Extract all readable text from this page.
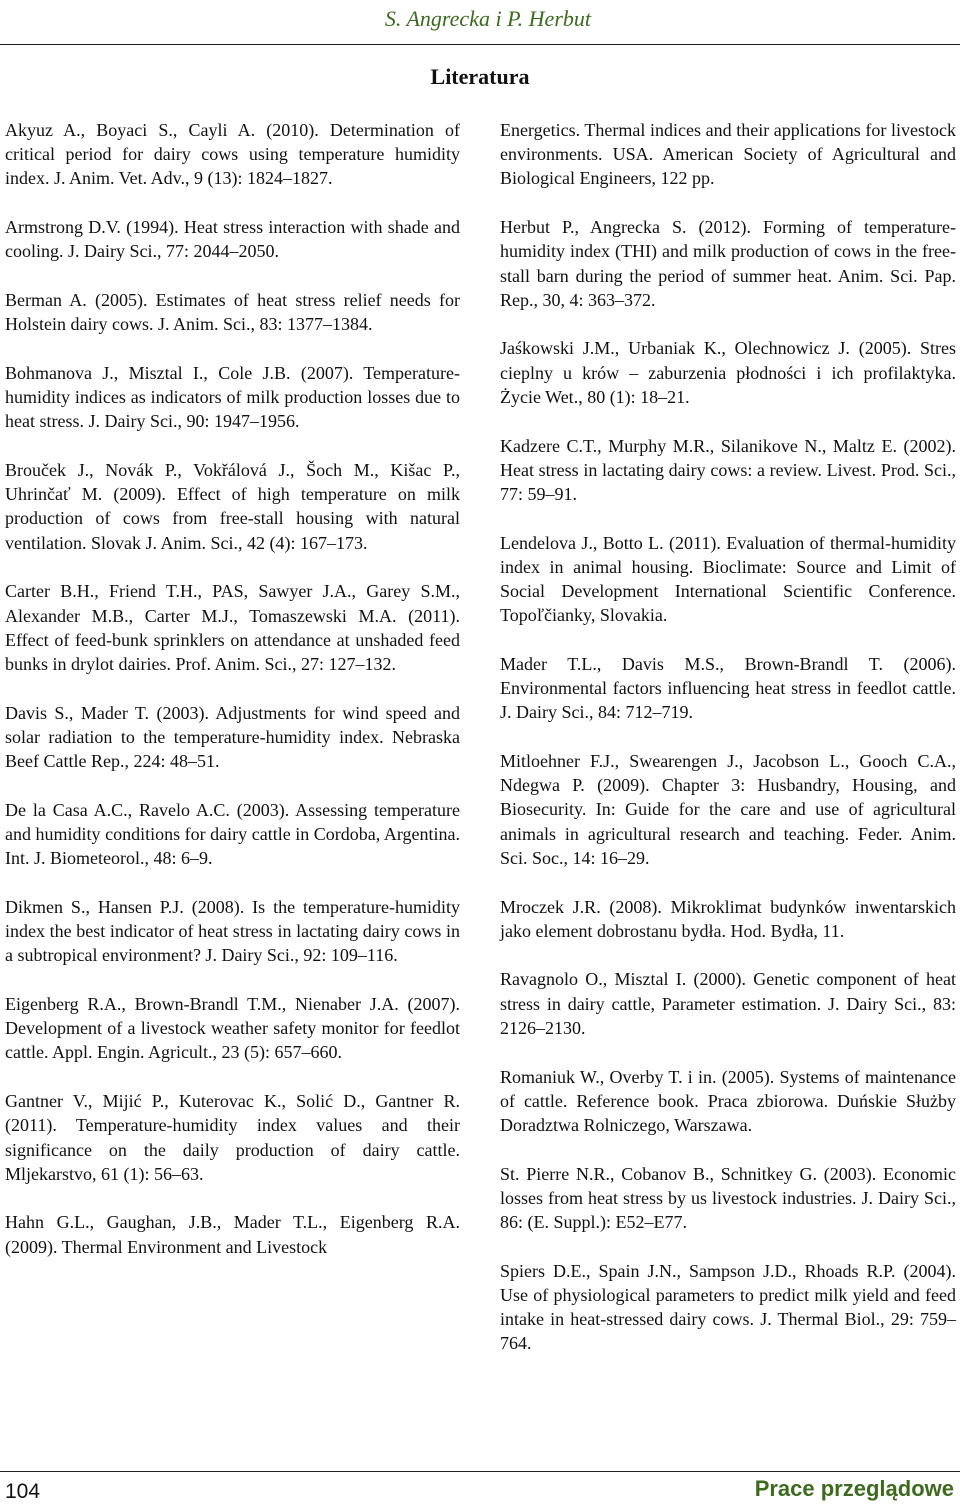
S. Angrecka i P. Herbut
Literatura

Akyuz A., Boyaci S., Cayli A. (2010). Determination of critical period for dairy cows using temperature humidity index. J. Anim. Vet. Adv., 9 (13): 1824–1827.

Armstrong D.V. (1994). Heat stress interaction with shade and cooling. J. Dairy Sci., 77: 2044–2050.

Berman A. (2005). Estimates of heat stress relief needs for Holstein dairy cows. J. Anim. Sci., 83: 1377–1384.

Bohmanova J., Misztal I., Cole J.B. (2007). Temperature-humidity indices as indicators of milk production losses due to heat stress. J. Dairy Sci., 90: 1947–1956.

Brouček J., Novák P., Vokřálová J., Šoch M., Kišac P., Uhrinčať M. (2009). Effect of high temperature on milk production of cows from free-stall housing with natural ventilation. Slovak J. Anim. Sci., 42 (4): 167–173.

Carter B.H., Friend T.H., PAS, Sawyer J.A., Garey S.M., Alexander M.B., Carter M.J., Tomaszewski M.A. (2011). Effect of feed-bunk sprinklers on attendance at unshaded feed bunks in drylot dairies. Prof. Anim. Sci., 27: 127–132.

Davis S., Mader T. (2003). Adjustments for wind speed and solar radiation to the temperature-humidity index. Nebraska Beef Cattle Rep., 224: 48–51.

De la Casa A.C., Ravelo A.C. (2003). Assessing temperature and humidity conditions for dairy cattle in Cordoba, Argentina. Int. J. Biometeorol., 48: 6–9.

Dikmen S., Hansen P.J. (2008). Is the temperature-humidity index the best indicator of heat stress in lactating dairy cows in a subtropical environment? J. Dairy Sci., 92: 109–116.

Eigenberg R.A., Brown-Brandl T.M., Nienaber J.A. (2007). Development of a livestock weather safety monitor for feedlot cattle. Appl. Engin. Agricult., 23 (5): 657–660.

Gantner V., Mijić P., Kuterovac K., Solić D., Gantner R. (2011). Temperature-humidity index values and their significance on the daily production of dairy cattle. Mljekarstvo, 61 (1): 56–63.

Hahn G.L., Gaughan, J.B., Mader T.L., Eigenberg R.A. (2009). Thermal Environment and Livestock

Energetics. Thermal indices and their applications for livestock environments. USA. American Society of Agricultural and Biological Engineers, 122 pp.

Herbut P., Angrecka S. (2012). Forming of temperature-humidity index (THI) and milk production of cows in the free-stall barn during the period of summer heat. Anim. Sci. Pap. Rep., 30, 4: 363–372.

Jaśkowski J.M., Urbaniak K., Olechnowicz J. (2005). Stres cieplny u krów – zaburzenia płodności i ich profilaktyka. Życie Wet., 80 (1): 18–21.

Kadzere C.T., Murphy M.R., Silanikove N., Maltz E. (2002). Heat stress in lactating dairy cows: a review. Livest. Prod. Sci., 77: 59–91.

Lendelova J., Botto L. (2011). Evaluation of thermal-humidity index in animal housing. Bioclimate: Source and Limit of Social Development International Scientific Conference. Topoľčianky, Slovakia.

Mader T.L., Davis M.S., Brown-Brandl T. (2006). Environmental factors influencing heat stress in feedlot cattle. J. Dairy Sci., 84: 712–719.

Mitloehner F.J., Swearengen J., Jacobson L., Gooch C.A., Ndegwa P. (2009). Chapter 3: Husbandry, Housing, and Biosecurity. In: Guide for the care and use of agricultural animals in agricultural research and teaching. Feder. Anim. Sci. Soc., 14: 16–29.

Mroczek J.R. (2008). Mikroklimat budynków inwentarskich jako element dobrostanu bydła. Hod. Bydła, 11.

Ravagnolo O., Misztal I. (2000). Genetic component of heat stress in dairy cattle, Parameter estimation. J. Dairy Sci., 83: 2126–2130.

Romaniuk W., Overby T. i in. (2005). Systems of maintenance of cattle. Reference book. Praca zbiorowa. Duńskie Służby Doradztwa Rolniczego, Warszawa.

St. Pierre N.R., Cobanov B., Schnitkey G. (2003). Economic losses from heat stress by us livestock industries. J. Dairy Sci., 86: (E. Suppl.): E52–E77.

Spiers D.E., Spain J.N., Sampson J.D., Rhoads R.P. (2004). Use of physiological parameters to predict milk yield and feed intake in heat-stressed dairy cows. J. Thermal Biol., 29: 759–764.

104	Prace przeglądowe
